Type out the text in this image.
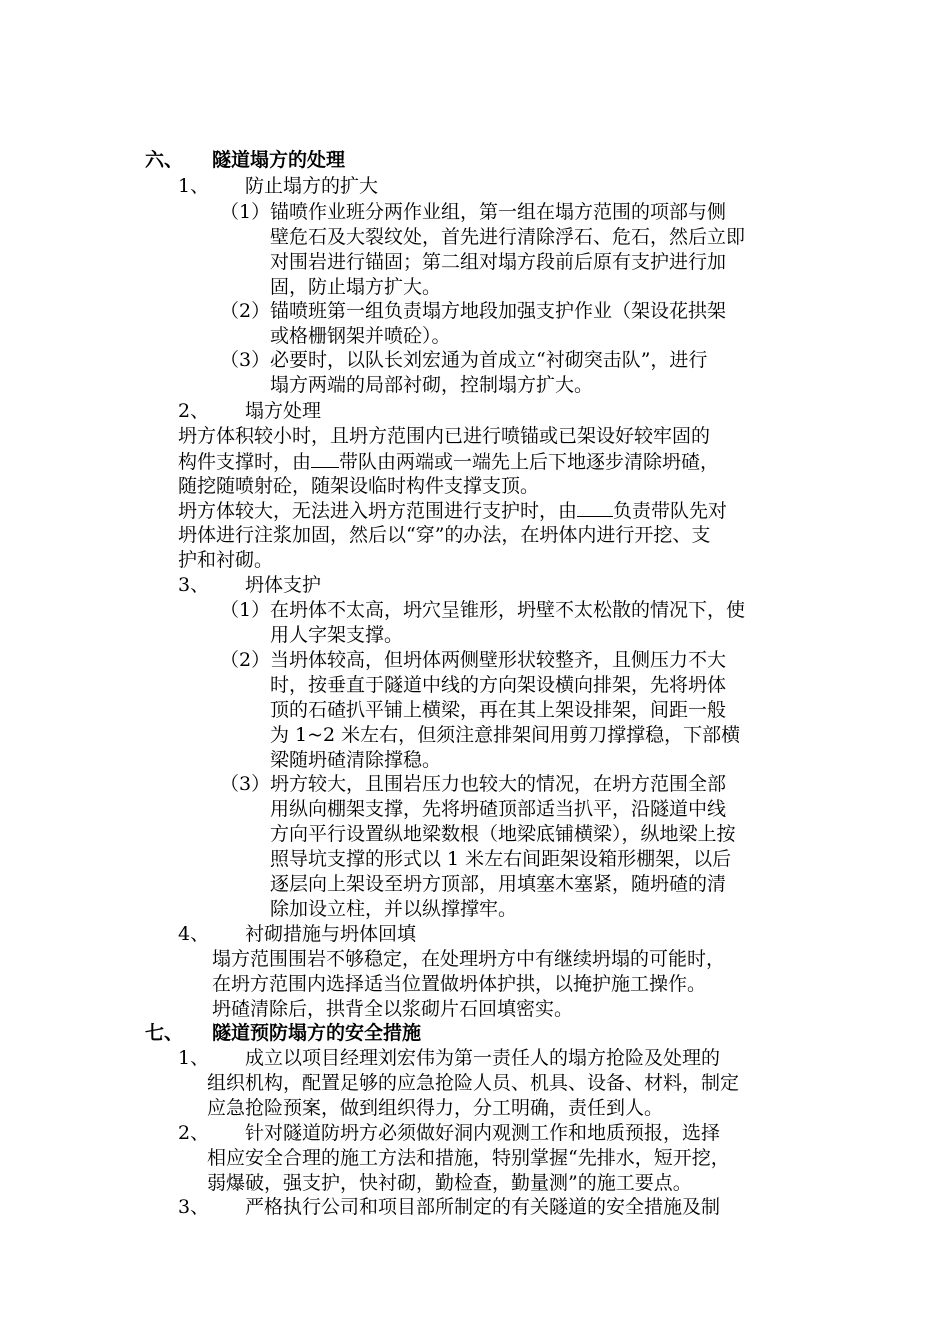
六、 隧道塌方的处理
1、 防止塌方的扩大
（1） 锚喷作业班分两作业组，第一组在塌方范围的项部与侧
壁危石及大裂纹处，首先进行清除浮石、危石，然后立即
对围岩进行锚固；第二组对塌方段前后原有支护进行加
固，防止塌方扩大。
（2） 锚喷班第一组负责塌方地段加强支护作业（架设花拱架
或格栅钢架并喷砼）。
（3） 必要时，以队长刘宏通为首成立“衬砌突击队”，进行
塌方两端的局部衬砌，控制塌方扩大。
2、 塌方处理
坍方体积较小时，且坍方范围内已进行喷锚或已架设好较牢固的
构件支撑时，由 带队由两端或一端先上后下地逐步清除坍碴，
随挖随喷射砼，随架设临时构件支撑支顶。
坍方体较大，无法进入坍方范围进行支护时，由 负责带队先对
坍体进行注浆加固，然后以“穿”的办法，在坍体内进行开挖、支
护和衬砌。
3、 坍体支护
（1） 在坍体不太高，坍穴呈锥形，坍壁不太松散的情况下，使
用人字架支撑。
（2） 当坍体较高，但坍体两侧壁形状较整齐，且侧压力不大
时，按垂直于隧道中线的方向架设横向排架，先将坍体
顶的石碴扒平铺上横梁，再在其上架设排架，间距一般
为 1~2 米左右，但须注意排架间用剪刀撑撑稳，下部横
梁随坍碴清除撑稳。
（3） 坍方较大，且围岩压力也较大的情况，在坍方范围全部
用纵向棚架支撑，先将坍碴顶部适当扒平，沿隧道中线
方向平行设置纵地梁数根（地梁底铺横梁），纵地梁上按
照导坑支撑的形式以 1 米左右间距架设箱形棚架，以后
逐层向上架设至坍方顶部，用填塞木塞紧，随坍碴的清
除加设立柱，并以纵撑撑牢。
4、 衬砌措施与坍体回填
塌方范围围岩不够稳定，在处理坍方中有继续坍塌的可能时，
在坍方范围内选择适当位置做坍体护拱，以掩护施工操作。
坍碴清除后，拱背全以浆砌片石回填密实。
七、 隧道预防塌方的安全措施
1、 成立以项目经理刘宏伟为第一责任人的塌方抢险及处理的
组织机构，配置足够的应急抢险人员、机具、设备、材料，制定
应急抢险预案，做到组织得力，分工明确，责任到人。
2、 针对隧道防坍方必须做好洞内观测工作和地质预报，选择
相应安全合理的施工方法和措施，特别掌握“先排水，短开挖，
弱爆破，强支护，快衬砌，勤检查，勤量测”的施工要点。
3、 严格执行公司和项目部所制定的有关隧道的安全措施及制
